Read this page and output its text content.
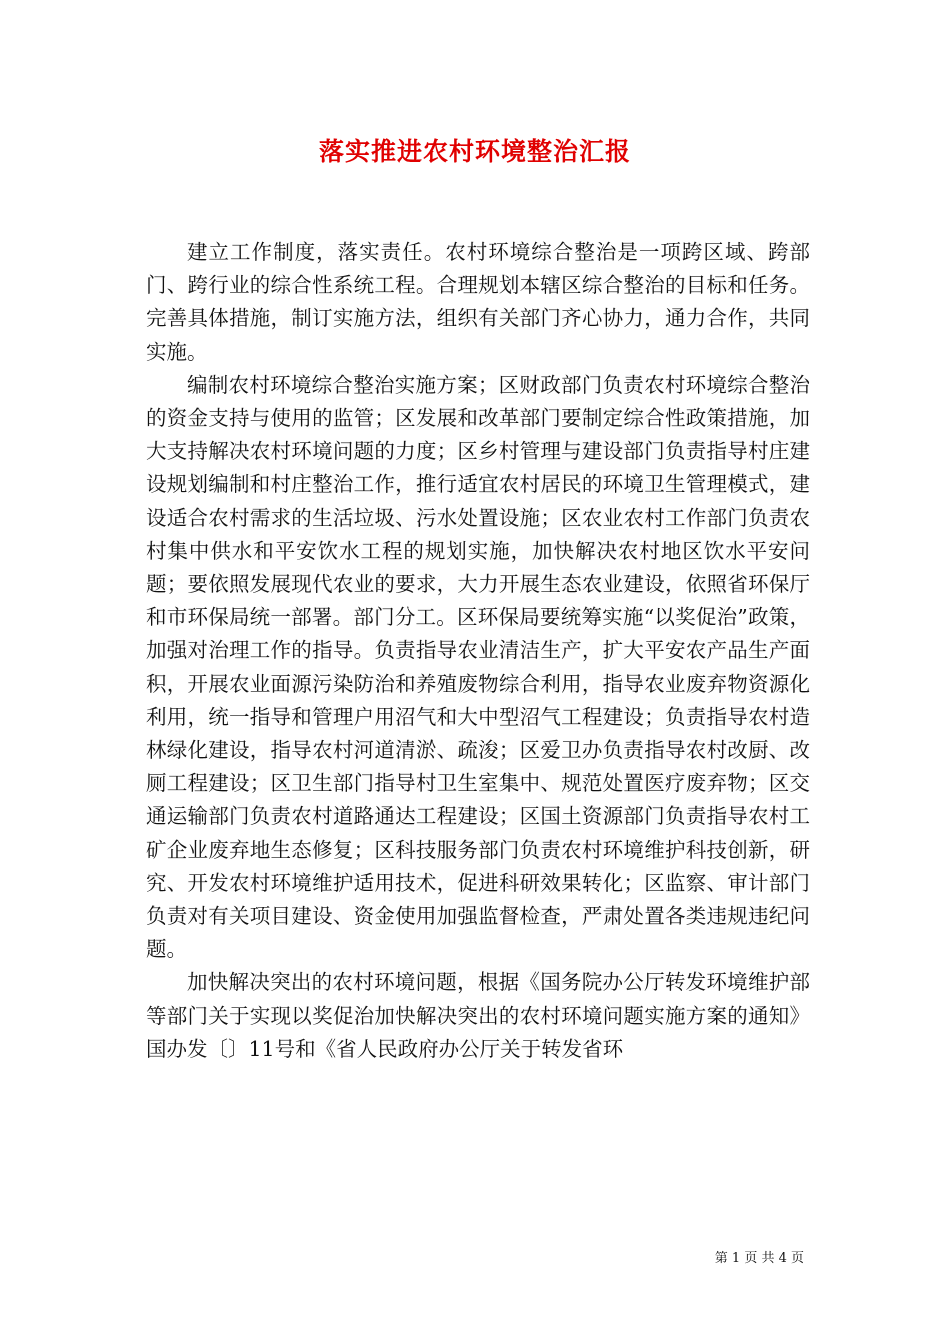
落实推进农村环境整治汇报

建立工作制度，落实责任。农村环境综合整治是一项跨区域、跨部门、跨行业的综合性系统工程。合理规划本辖区综合整治的目标和任务。完善具体措施，制订实施方法，组织有关部门齐心协力，通力合作，共同实施。

编制农村环境综合整治实施方案；区财政部门负责农村环境综合整治的资金支持与使用的监管；区发展和改革部门要制定综合性政策措施，加大支持解决农村环境问题的力度；区乡村管理与建设部门负责指导村庄建设规划编制和村庄整治工作，推行适宜农村居民的环境卫生管理模式，建设适合农村需求的生活垃圾、污水处置设施；区农业农村工作部门负责农村集中供水和平安饮水工程的规划实施，加快解决农村地区饮水平安问题；要依照发展现代农业的要求，大力开展生态农业建设，依照省环保厅和市环保局统一部署。部门分工。区环保局要统筹实施“以奖促治”政策，加强对治理工作的指导。负责指导农业清洁生产，扩大平安农产品生产面积，开展农业面源污染防治和养殖废物综合利用，指导农业废弃物资源化利用，统一指导和管理户用沼气和大中型沼气工程建设；负责指导农村造林绿化建设，指导农村河道清淤、疏浚；区爱卫办负责指导农村改厨、改厕工程建设；区卫生部门指导村卫生室集中、规范处置医疗废弃物；区交通运输部门负责农村道路通达工程建设；区国土资源部门负责指导农村工矿企业废弃地生态修复；区科技服务部门负责农村环境维护科技创新，研究、开发农村环境维护适用技术，促进科研效果转化；区监察、审计部门负责对有关项目建设、资金使用加强监督检查，严肃处置各类违规违纪问题。

加快解决突出的农村环境问题，根据《国务院办公厅转发环境维护部等部门关于实现以奖促治加快解决突出的农村环境问题实施方案的通知》国办发〔〕11号和《省人民政府办公厅关于转发省环

第 1 页 共 4 页
